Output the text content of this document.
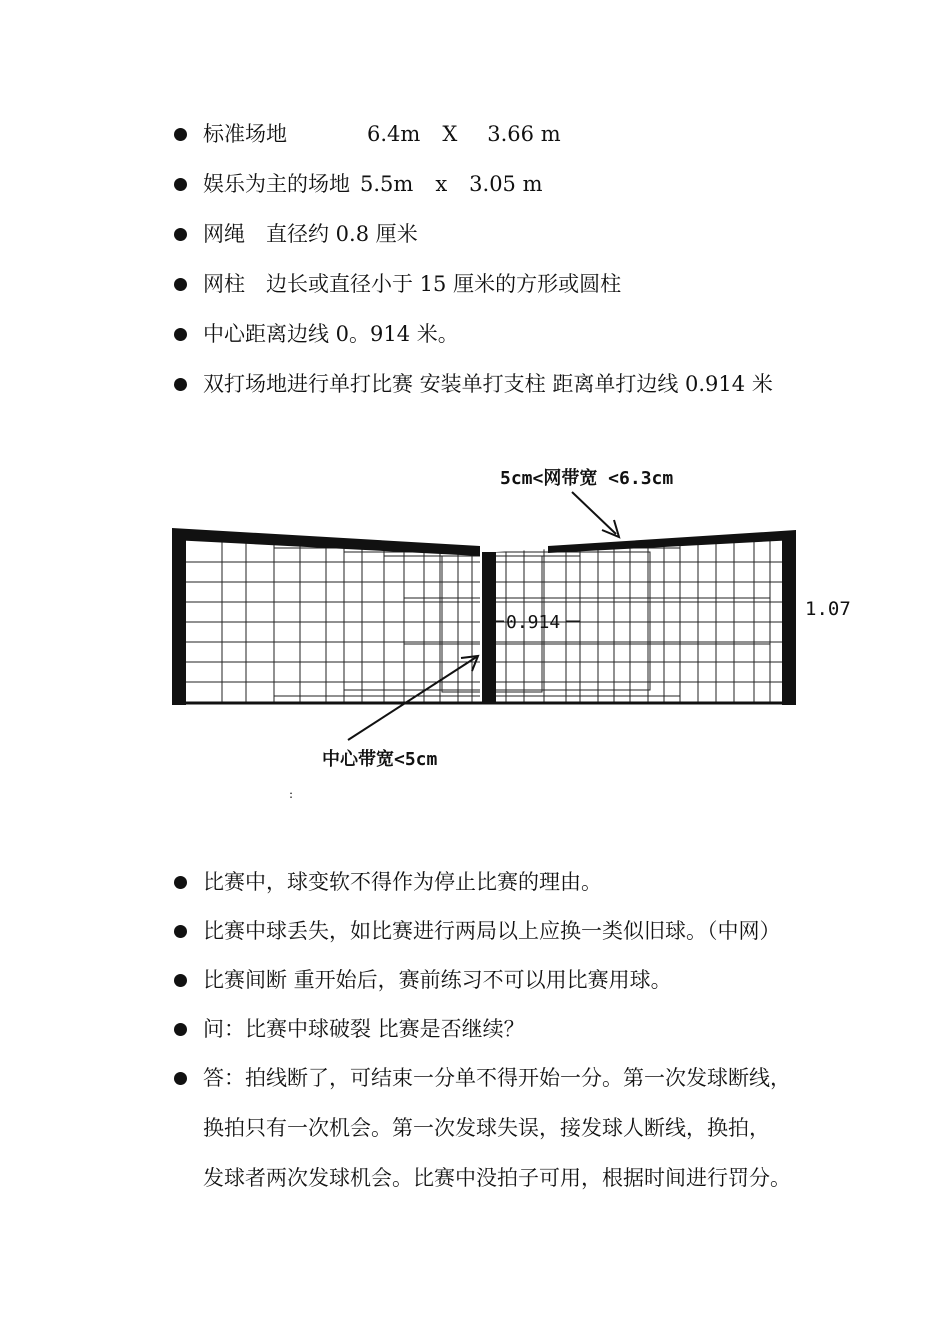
标准场地	6.4m X 3.66 m
娱乐为主的场地 5.5m x 3.05 m
网绳　直径约 0.8 厘米
网柱　边长或直径小于 15 厘米的方形或圆柱
中心距离边线 0。914 米。
双打场地进行单打比赛 安装单打支柱 距离单打边线 0.914 米
0.914
1.07
5cm<网带宽 <6.3cm
中心带宽<5cm
:
比赛中，球变软不得作为停止比赛的理由。
比赛中球丢失，如比赛进行两局以上应换一类似旧球。（中网）
比赛间断 重开始后，赛前练习不可以用比赛用球。
问：比赛中球破裂 比赛是否继续？
答：拍线断了，可结束一分单不得开始一分。第一次发球断线，
换拍只有一次机会。第一次发球失误，接发球人断线，换拍，
发球者两次发球机会。比赛中没拍子可用，根据时间进行罚分。
